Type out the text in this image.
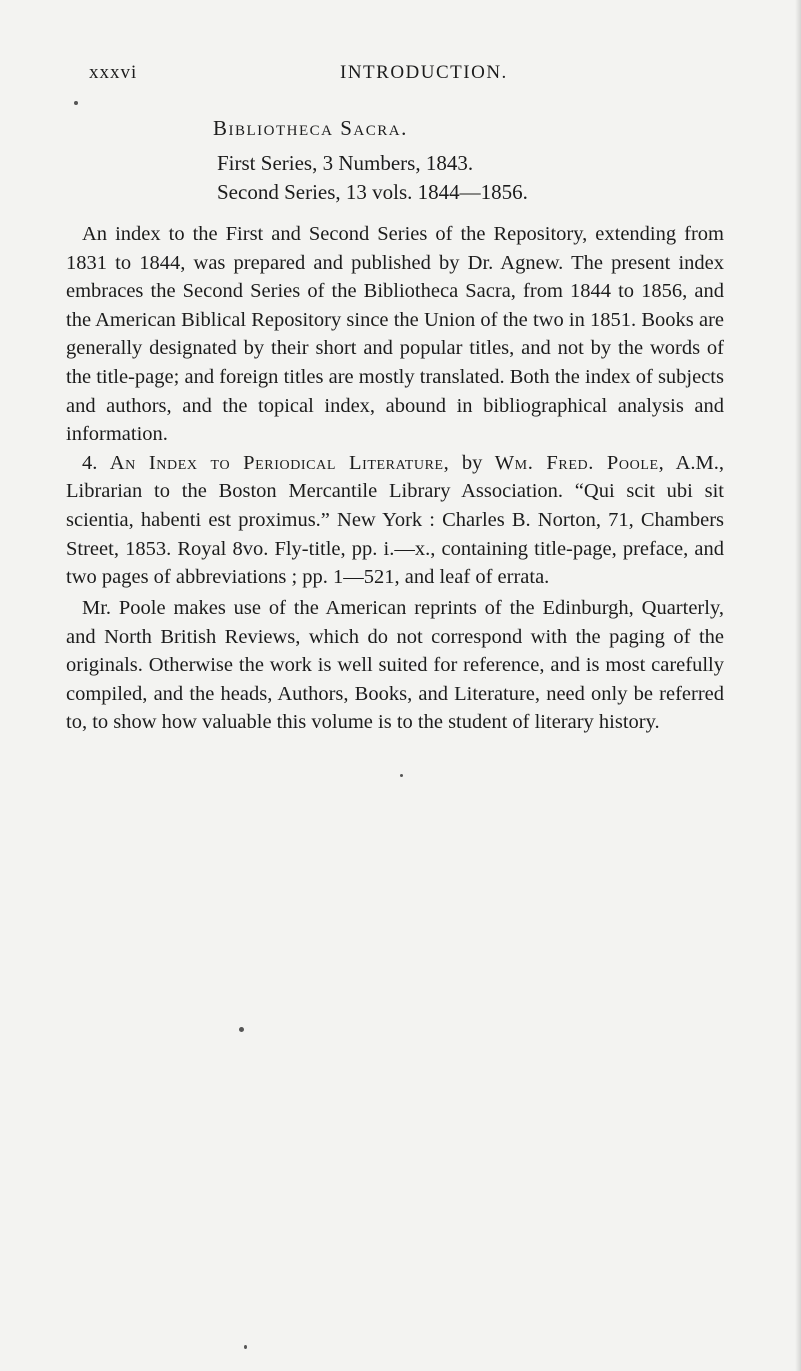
xxxvi	INTRODUCTION.
Bibliotheca Sacra.
First Series, 3 Numbers, 1843.
Second Series, 13 vols. 1844—1856.

An index to the First and Second Series of the Repository, extending from 1831 to 1844, was prepared and published by Dr. Agnew. The present index embraces the Second Series of the Bibliotheca Sacra, from 1844 to 1856, and the American Biblical Repository since the Union of the two in 1851. Books are generally designated by their short and popular titles, and not by the words of the title-page; and foreign titles are mostly translated. Both the index of subjects and authors, and the topical index, abound in bibliographical analysis and information.

4. An Index to Periodical Literature, by Wm. Fred. Poole, A.M., Librarian to the Boston Mercantile Library Association. “Qui scit ubi sit scientia, habenti est proximus.” New York : Charles B. Norton, 71, Chambers Street, 1853. Royal 8vo. Fly-title, pp. i.—x., containing title-page, preface, and two pages of abbreviations ; pp. 1—521, and leaf of errata.

Mr. Poole makes use of the American reprints of the Edinburgh, Quarterly, and North British Reviews, which do not correspond with the paging of the originals. Otherwise the work is well suited for reference, and is most carefully compiled, and the heads, Authors, Books, and Literature, need only be referred to, to show how valuable this volume is to the student of literary history.
